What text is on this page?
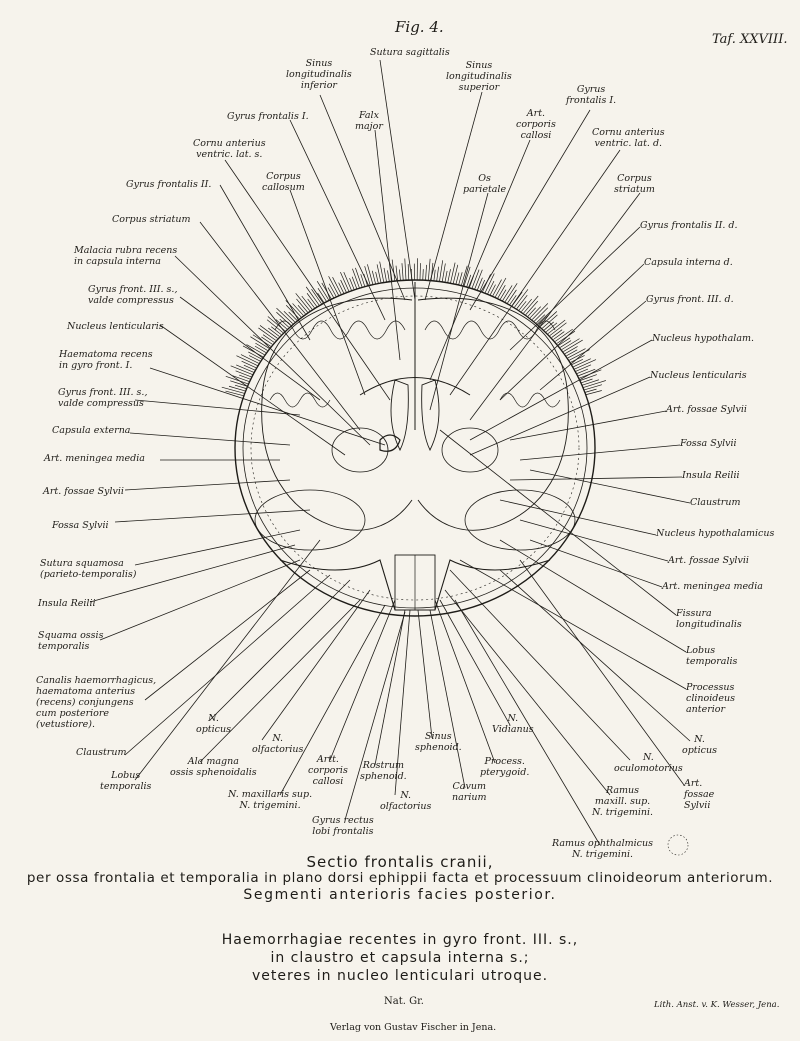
Fig. 4.
Taf. XXVIII.
Sutura sagittalis
Sinus
longitudinalis
inferior
Sinus
longitudinalis
superior	Gyrus
frontalis I.
Gyrus frontalis I.	Falx
major
Art.
corporis
callosi
Cornu anterius
ventric. lat. s.
Cornu anterius
ventric. lat. d.
Gyrus frontalis II.
Corpus
callosum
Os
parietale
Corpus
striatum
Corpus striatum
Malacia rubra recens
in capsula interna
Gyrus front. III. s.,
valde compressus
Nucleus lenticularis
Haematoma recens
in gyro front. I.
Gyrus front. III. s.,
valde compressus
Capsula externa
Art. meningea media
Art. fossae Sylvii
Fossa Sylvii
Sutura squamosa
(parieto-temporalis)
Insula Reilii
Squama ossis
temporalis
Canalis haemorrhagicus,
haematoma anterius
(recens) conjungens
cum posteriore
(vetustiore).
Claustrum
Lobus
temporalis
Gyrus frontalis II. d.
Capsula interna d.
Gyrus front. III. d.
Nucleus hypothalam.
Nucleus lenticularis
Art. fossae Sylvii
Fossa Sylvii
Insula Reilii
Claustrum
Nucleus hypothalamicus
Art. fossae Sylvii
Art. meningea media
Fissura
longitudinalis
Lobus
temporalis
Processus
clinoideus
anterior
N.
opticus
Art.
fossae
Sylvii
N.
opticus
N.
olfactorius
Ala magna
ossis sphenoidalis
Artt.
corporis
callosi
Rostrum
sphenoid.
Sinus
sphenoid.
N.
Vidianus
Process.
pterygoid.
N. maxillaris sup.
N. trigemini.
N.
olfactorius
Cavum
narium
N.
oculomotorius
Ramus
maxill. sup.
N. trigemini.
Gyrus rectus
lobi frontalis
Ramus ophthalmicus
N. trigemini.
Sectio frontalis cranii,
per ossa frontalia et temporalia in plano dorsi ephippii facta et processuum clinoideorum anteriorum.
Segmenti anterioris facies posterior.
Haemorrhagiae recentes in gyro front. III. s.,
in claustro et capsula interna s.;
veteres in nucleo lenticulari utroque.
Nat. Gr.	Lith. Anst. v. K. Wesser, Jena.
Verlag von Gustav Fischer in Jena.
